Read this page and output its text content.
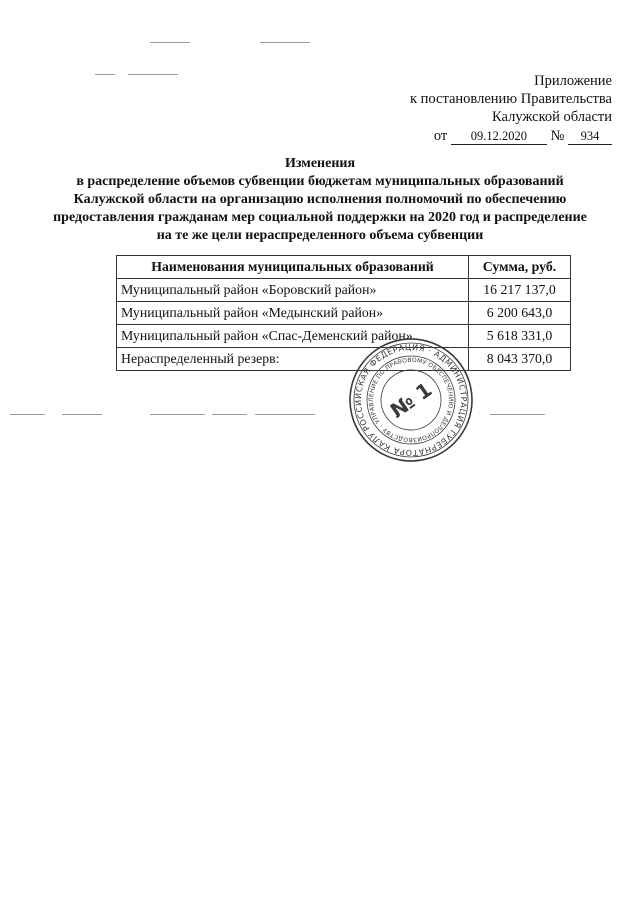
Приложение
к постановлению Правительства
Калужской области
от 09.12.2020 № 934
Изменения
в распределение объемов субвенции бюджетам муниципальных образований
Калужской области на организацию исполнения полномочий по обеспечению
предоставления гражданам мер социальной поддержки на 2020 год и распределение
на те же цели нераспределенного объема субвенции
Наименования муниципальных образований	Сумма, руб.
Муниципальный район «Боровский район»	16 217 137,0
Муниципальный район «Медынский район»	6 200 643,0
Муниципальный район «Спас-Деменский район»	5 618 331,0
Нераспределенный резерв:	8 043 370,0
РОССИЙСКАЯ ФЕДЕРАЦИЯ · АДМИНИСТРАЦИЯ ГУБЕРНАТОРА КАЛУЖСКОЙ
УПРАВЛЕНИЕ ПО ПРАВОВОМУ ОБЕСПЕЧЕНИЮ И ДЕЛОПРОИЗВОДСТВУ ·
№ 1
